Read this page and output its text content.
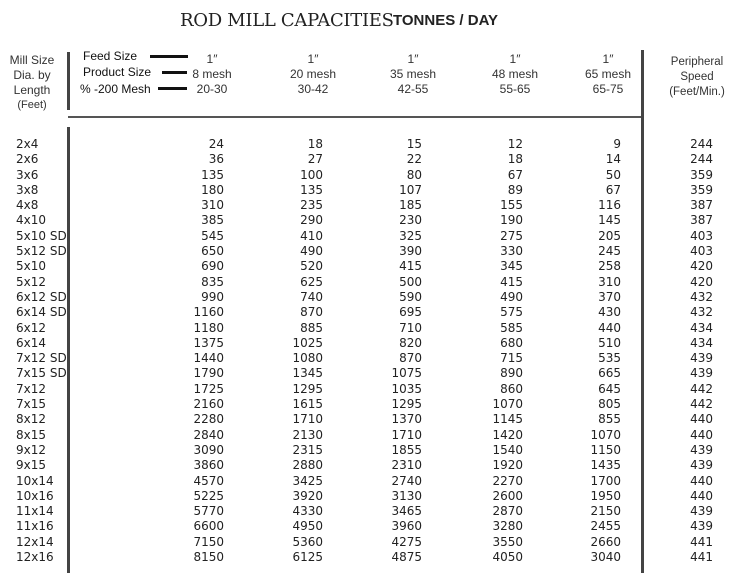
ROD MILL CAPACITIES TONNES / DAY
Mill Size
Dia. by
Length
(Feet)
Feed Size
Product Size
% -200 Mesh
1″
8 mesh
20-30
1″
20 mesh
30-42
1″
35 mesh
42-55
1″
48 mesh
55-65
1″
65 mesh
65-75
Peripheral
Speed
(Feet/Min.)
2x4
2x6
3x6
3x8
4x8
4x10
5x10 SD
5x12 SD
5x10
5x12
6x12 SD
6x14 SD
6x12
6x14
7x12 SD
7x15 SD
7x12
7x15
8x12
8x15
9x12
9x15
10x14
10x16
11x14
11x16
12x14
12x16
24
36
135
180
310
385
545
650
690
835
990
1160
1180
1375
1440
1790
1725
2160
2280
2840
3090
3860
4570
5225
5770
6600
7150
8150
18
27
100
135
235
290
410
490
520
625
740
870
885
1025
1080
1345
1295
1615
1710
2130
2315
2880
3425
3920
4330
4950
5360
6125
15
22
80
107
185
230
325
390
415
500
590
695
710
820
870
1075
1035
1295
1370
1710
1855
2310
2740
3130
3465
3960
4275
4875
12
18
67
89
155
190
275
330
345
415
490
575
585
680
715
890
860
1070
1145
1420
1540
1920
2270
2600
2870
3280
3550
4050
9
14
50
67
116
145
205
245
258
310
370
430
440
510
535
665
645
805
855
1070
1150
1435
1700
1950
2150
2455
2660
3040
244
244
359
359
387
387
403
403
420
420
432
432
434
434
439
439
442
442
440
440
439
439
440
440
439
439
441
441
